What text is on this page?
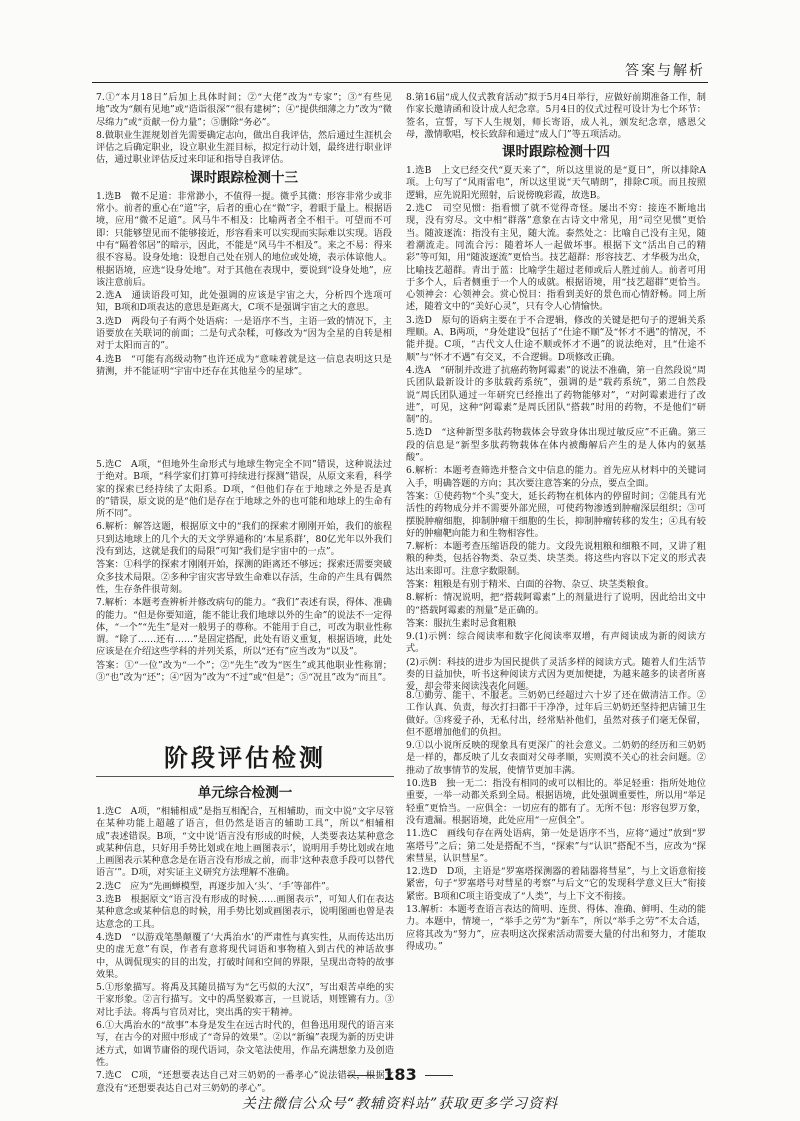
答案与解析

7.①“本月18日”后加上具体时间；②“大佬”改为“专家”；③“有些见地”改为“颇有见地”或“造诣很深”“很有建树”；④“提供细薄之力”改为“微尽绵力”或“贡献一份力量”；⑤删除“务必”。

8.做职业生涯规划首先需要确定志向，做出自我评估，然后通过生涯机会评估之后确定职业，设立职业生涯目标，拟定行动计划，最终进行职业评估，通过职业评估反过来印证和指导自我评估。

课时跟踪检测十三

1.选B　微不足道：非常渺小，不值得一提。微乎其微：形容非常少或非常小。前者的重心在“道”字，后者的重心在“微”字，着眼于量上。根据语境，应用“微不足道”。风马牛不相及：比喻两者全不相干。可望而不可即：只能够望见而不能够接近，形容看来可以实现而实际难以实现。语段中有“隔着邻居”的暗示，因此，不能是“风马牛不相及”。来之不易：得来很不容易。设身处地：设想自己处在别人的地位或处境，表示体谅他人。根据语境，应选“设身处地”。对于其他在表现中，要说到“设身处地”，应该注意前后。

2.选A　通读语段可知，此处强调的应该是宇宙之大，分析四个选项可知，B项和D项表达的意思是距离大，C项不是强调宇宙之大的意思。

3.选D　两段句子有两个处语病：一是语序不当，主语一致的情况下，主语要放在关联词的前面；二是句式杂糅，可修改为“因为全星的自转是相对于太阳而言的”。

4.选B　“可能有高级动物”也许还成为“意味着就是这一信息表明这只是猜测，并不能证明“宇宙中还存在其他星今的星球”。

5.选C　A项，“但地外生命形式与地球生物完全不同”错误，这种说法过于绝对。B项，“科学家们打算可持续进行探测”错误，从原文来看，科学家的探索已经持续了太阳系。D项，“但他们存在于地球之外是否是真的”错误，原文说的是“他们是存在于地球之外的也可能和地球上的生命有所不同”。

6.解析：解答这题，根据原文中的“我们的探索才刚刚开始，我们的旅程只到达地球上的几个大的天文学界通称的‘本星系群’，80亿光年以外我们没有到达，这就是我们的局限”可知“我们是宇宙中的一点”。

答案：①科学的探索才刚刚开始，探测的距离还不够远；探索还需要突破众多技术局限。②多种宇宙灾害导致生命难以存活，生命的产生具有偶然性，生存条件很苛刻。

7.解析：本题考查辨析并修改病句的能力。“我们”表述有误，得体、准确的能力。“但是你要知道，能不能让我们地球以外的生命”的说法不一定得体，“一个”“先生”是对一般男子的尊称。不能用于自己，可改为职业性称谓。“除了……还有……”是固定搭配，此处有语义重复，根据语境，此处应该是在介绍这些学科的并列关系，所以“还有”应当改为“以及”。

答案：①“一位”改为“一个”；②“先生”改为“医生”或其他职业性称谓；③“也”改为“还”；④“因为”改为“不过”或“但是”；⑤“况且”改为“而且”。

8.第16届“成人仪式教育活动”拟于5月4日举行，应做好前期准备工作，制作家长邀请函和设计成人纪念章。5月4日的仪式过程可设计为七个环节：签名，宣誓，写下人生规划，师长寄语，成人礼，颁发纪念章，感恩父母，激情歌唱，校长致辞和通过“成人门”等五项活动。

课时跟踪检测十四

1.选B　上文已经交代“夏天来了”，所以这里说的是“夏日”，所以排除A项。上句写了“风雨雷电”，所以这里说“天气晴朗”，排除C项。而且按照逻辑，应先说阳光照射，后说傍晚彩霞，故选B。

2.选C　司空见惯：指看惯了就不觉得奇怪。屡出不穷：接连不断地出现，没有穷尽。文中相“群落”意象在古诗文中常见，用“司空见惯”更恰当。随波逐流：指没有主见，随大流。泰然处之：比喻自己没有主见，随着潮流走。同流合污：随着坏人一起做坏事。根据下文“活出自己的精彩”等可知，用“随波逐流”更恰当。技艺超群：形容技艺、才华极为出众，比喻技艺超群。青出于蓝：比喻学生超过老师或后人胜过前人。前者可用于多个人，后者侧重于一个人的成就。根据语境，用“技艺超群”更恰当。心领神会：心领神会。赏心悦目：指看到美好的景色而心情舒畅。同上所述，随着文中的“美好心灵”，只有令人心情愉快。

3.选D　原句的语病主要在于不合逻辑，修改的关键是把句子的逻辑关系理顺。A、B两项，“身处建设”包括了“仕途不顺”及“怀才不遇”的情况，不能并提。C项，“古代文人仕途不顺或怀才不遇”的说法绝对，且“仕途不顺”与“怀才不遇”有交叉，不合逻辑。D项修改正确。

4.选A　“研制并改进了抗癌药物阿霉素”的说法不准确，第一自然段说“周氏团队最新设计的多肽载药系统”，强调的是“载药系统”，第二自然段说“周氏团队通过一年研究已经推出了药物能够对”，“对阿霉素进行了改进”，可见，这种“阿霉素”是周氏团队“搭载”时用的药物，不是他们“研制”的。

5.选D　“这种新型多肽药物载体会导致身体出现过敏反应”不正确。第三段的信息是“新型多肽药物载体在体内被酶解后产生的是人体内的氨基酸”。

6.解析：本题考查筛选并整合文中信息的能力。首先应从材料中的关键词入手，明确答题的方向；其次要注意答案的分点，要点全面。

答案：①使药物“个头”变大，延长药物在机体内的停留时间；②能具有光活性的药物成分并不需要外部光照，可使药物渗透到肿瘤深层组织；③可摆脱肿瘤细胞，抑制肿瘤干细胞的生长，抑制肿瘤转移的发生；④具有较好的肿瘤靶向能力和生物相容性。

7.解析：本题考查压缩语段的能力。文段先说粗粮和细粮不同，又讲了粗粮的种类，包括谷物类、杂豆类、块茎类。将这些内容以下定义的形式表达出来即可。注意字数限制。

答案：粗粮是有别于精米、白面的谷物、杂豆、块茎类粮食。

8.解析：情况说明，把“搭载阿霉素”上的剂量进行了说明，因此给出文中的“搭载阿霉素的剂量”是正确的。

答案：服抗生素时忌食粗粮

9.(1)示例：综合阅读率和数字化阅读率双增，有声阅读成为新的阅读方式。

(2)示例：科技的进步为国民提供了灵活多样的阅读方式。随着人们生活节奏的日益加快，听书这种阅读方式因为更加便捷，为越来越多的读者所喜爱，却会带来阅读浅表化问题。

阶段评估检测
单元综合检测一

1.选C　A项，“相辅相成”是指互相配合，互相辅助，而文中说“文字尽管在某种功能上超越了语言，但仍然是语言的辅助工具”，所以“相辅相成”表述错误。B项，“文中说‘语言没有形成的时候，人类要表达某种意念或某种信息，只好用手势比划或在地上画图表示’，说明用手势比划或在地上画图表示某种意念是在语言没有形成之前，而非‘这种表意手段可以替代语言’”。D项，对实证主义研究方法理解不准确。

2.选C　应为“先画蝉模型，再逐步加入‘头’、‘手’等部件”。

3.选B　根据原文“语言没有形成的时候……画图表示”，可知人们在表达某种意念或某种信息的时候，用手势比划或画图表示，说明图画也曾是表达意念的工具。

4.选D　“以游戏笔墨颠覆了‘大禹治水’的严肃性与真实性，从而传达出历史的虚无意”有误，作者有意将现代词语和事物植入到古代的神话故事中，从调侃现实的目的出发，打破时间和空间的界限，呈现出奇特的故事效果。

5.①形象描写。将禹及其随员描写为“乞丐似的大汉”，写出艰苦卓绝的实干家形象。②言行描写。文中的禹坚毅寡言，一旦说话，则铿锵有力。③对比手法。将禹与官员对比，突出禹的实干精神。

6.①大禹治水的“故事”本身是发生在远古时代的，但鲁迅用现代的语言来写，在古今的对照中形成了“奇异的效果”。②以“新编”表现为新的历史讲述方式，如调节庸俗的现代语词，杂文笔法使用，作品充满想象力及创造性。

7.选C　C项，“还想要表达自己对三奶奶的一番孝心”说法错误，根据文意没有“还想要表达自己对三奶奶的孝心”。

8.①勤劳、能干、不服老。三奶奶已经超过六十岁了还在做清洁工作。②工作认真、负责，每次打扫都干干净净，过年后三奶奶还坚持把店铺卫生做好。③疼爱子孙，无私付出，经常贴补他们，虽然对孩子们毫无保留，但不愿增加他们的负担。

9.①以小说所反映的现象具有更深广的社会意义。二奶奶的经历和三奶奶是一样的，都反映了儿女表面对父母孝顺，实则漠不关心的社会问题。②推动了故事情节的发展，使情节更加丰满。

10.选B　独一无二：指没有相同的或可以相比的。举足轻重：指所处地位重要，一举一动都关系到全局。根据语境，此处强调重要性，所以用“举足轻重”更恰当。一应俱全：一切应有的都有了。无所不包：形容包罗万象，没有遗漏。根据语境，此处应用“一应俱全”。

11.选C　画线句存在两处语病，第一处是语序不当，应将“通过”放到“罗塞塔号”之后；第二处是搭配不当，“探索”与“认识”搭配不当，应改为“探索彗星，认识彗星”。

12.选D　D项，主语是“罗塞塔探测器的着陆器将彗星”，与上文语意衔接紧密，句子“罗塞塔号对彗星的考察”与后文“它的发现科学意义巨大”衔接紧密。B项和C项主语变成了“人类”，与上下文不衔接。

13.解析：本题考查语言表达的简明、连贯、得体、准确、鲜明、生动的能力。本题中，情境一，“举手之劳”为“新车”，所以“举手之劳”不太合适，应将其改为“努力”，应表明这次探索活动需要大量的付出和努力，才能取得成功。”

183
关注微信公众号“教辅资料站”获取更多学习资料
